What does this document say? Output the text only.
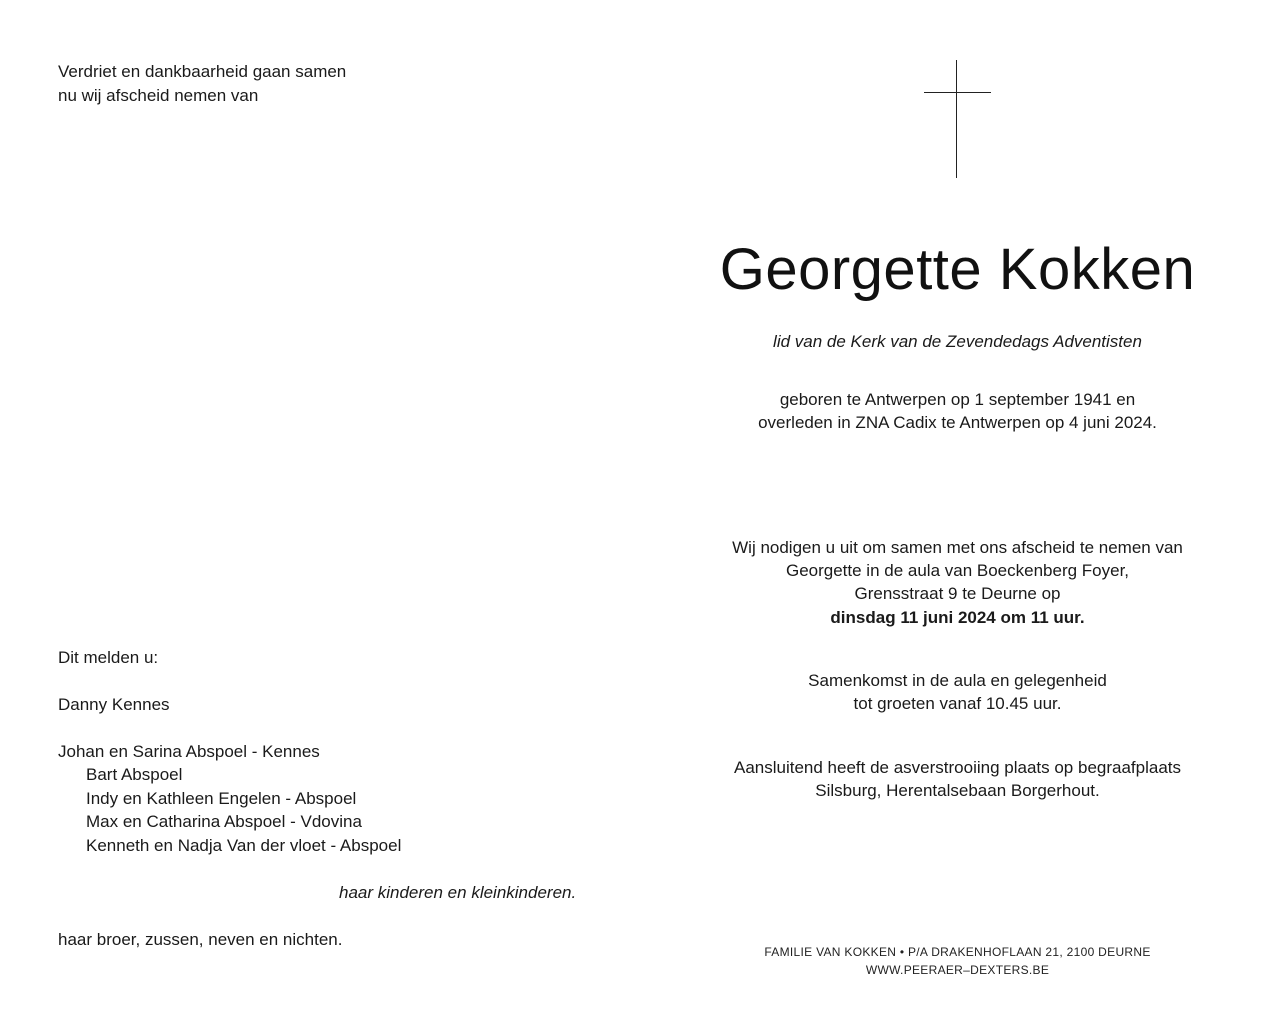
Verdriet en dankbaarheid gaan samen

nu wij afscheid nemen van

Dit melden u:

Danny Kennes

Johan en Sarina Abspoel - Kennes

Bart Abspoel

Indy en Kathleen Engelen - Abspoel

Max en Catharina Abspoel - Vdovina

Kenneth en Nadja Van der vloet - Abspoel

haar kinderen en kleinkinderen.

haar broer, zussen, neven en nichten.

Georgette Kokken

lid van de Kerk van de Zevendedags Adventisten

geboren te Antwerpen op 1 september 1941 en

overleden in ZNA Cadix te Antwerpen op 4 juni 2024.

Wij nodigen u uit om samen met ons afscheid te nemen van

Georgette in de aula van Boeckenberg Foyer,

Grensstraat 9 te Deurne op

dinsdag 11 juni 2024 om 11 uur.

Samenkomst in de aula en gelegenheid

tot groeten vanaf 10.45 uur.

Aansluitend heeft de asverstrooiing plaats op begraafplaats

Silsburg, Herentalsebaan Borgerhout.

FAMILIE VAN KOKKEN • P/A DRAKENHOFLAAN 21, 2100 DEURNE
WWW.PEERAER–DEXTERS.BE
